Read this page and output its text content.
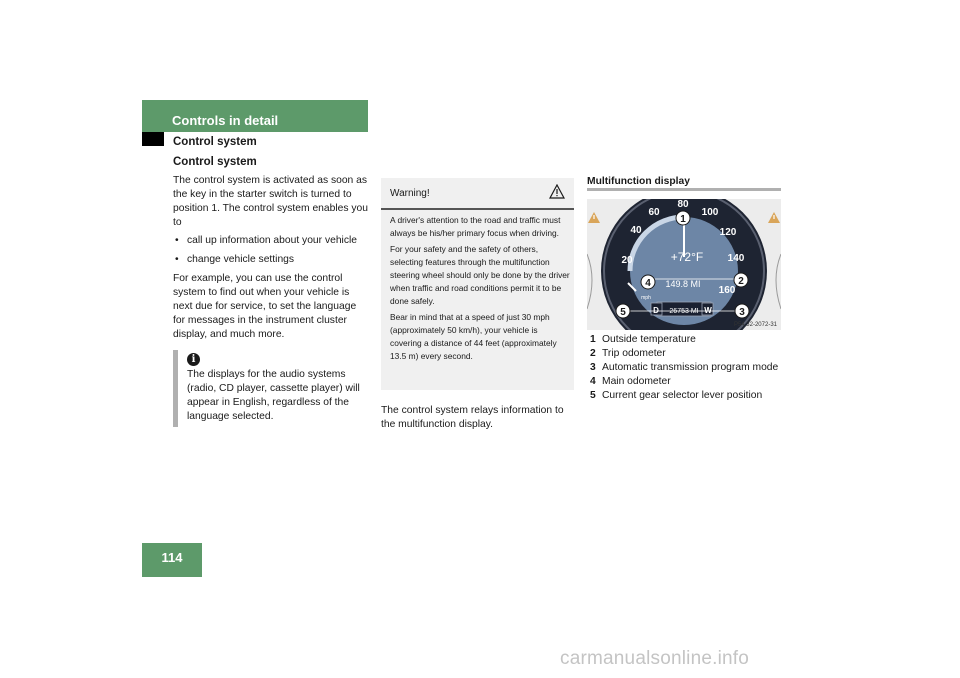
Controls in detail
Control system
Control system

The control system is activated as soon as the key in the starter switch is turned to position 1. The control system enables you to

• call up information about your vehicle
• change vehicle settings

For example, you can use the control system to find out when your vehicle is next due for service, to set the language for messages in the instrument cluster display, and much more.

i
The displays for the audio systems (radio, CD player, cassette player) will appear in English, regardless of the language selected.
Warning!

A driver's attention to the road and traffic must always be his/her primary focus when driving.

For your safety and the safety of others, selecting features through the multifunction steering wheel should only be done by the driver when traffic and road conditions permit it to be done safely.

Bear in mind that at a speed of just 30 mph (approximately 50 km/h), your vehicle is covering a distance of 44 feet (approximately 13.5 m) every second.

The control system relays information to the multifunction display.
Multifunction display
20
40
60
80
100
120
140
160
+72°F
149.8 MI
26753 MI
D	W
mph
1
2
3
4
5
P54.32-2072-31
1 Outside temperature
2 Trip odometer
3 Automatic transmission program mode
4 Main odometer
5 Current gear selector lever position
114
carmanualsonline.info
